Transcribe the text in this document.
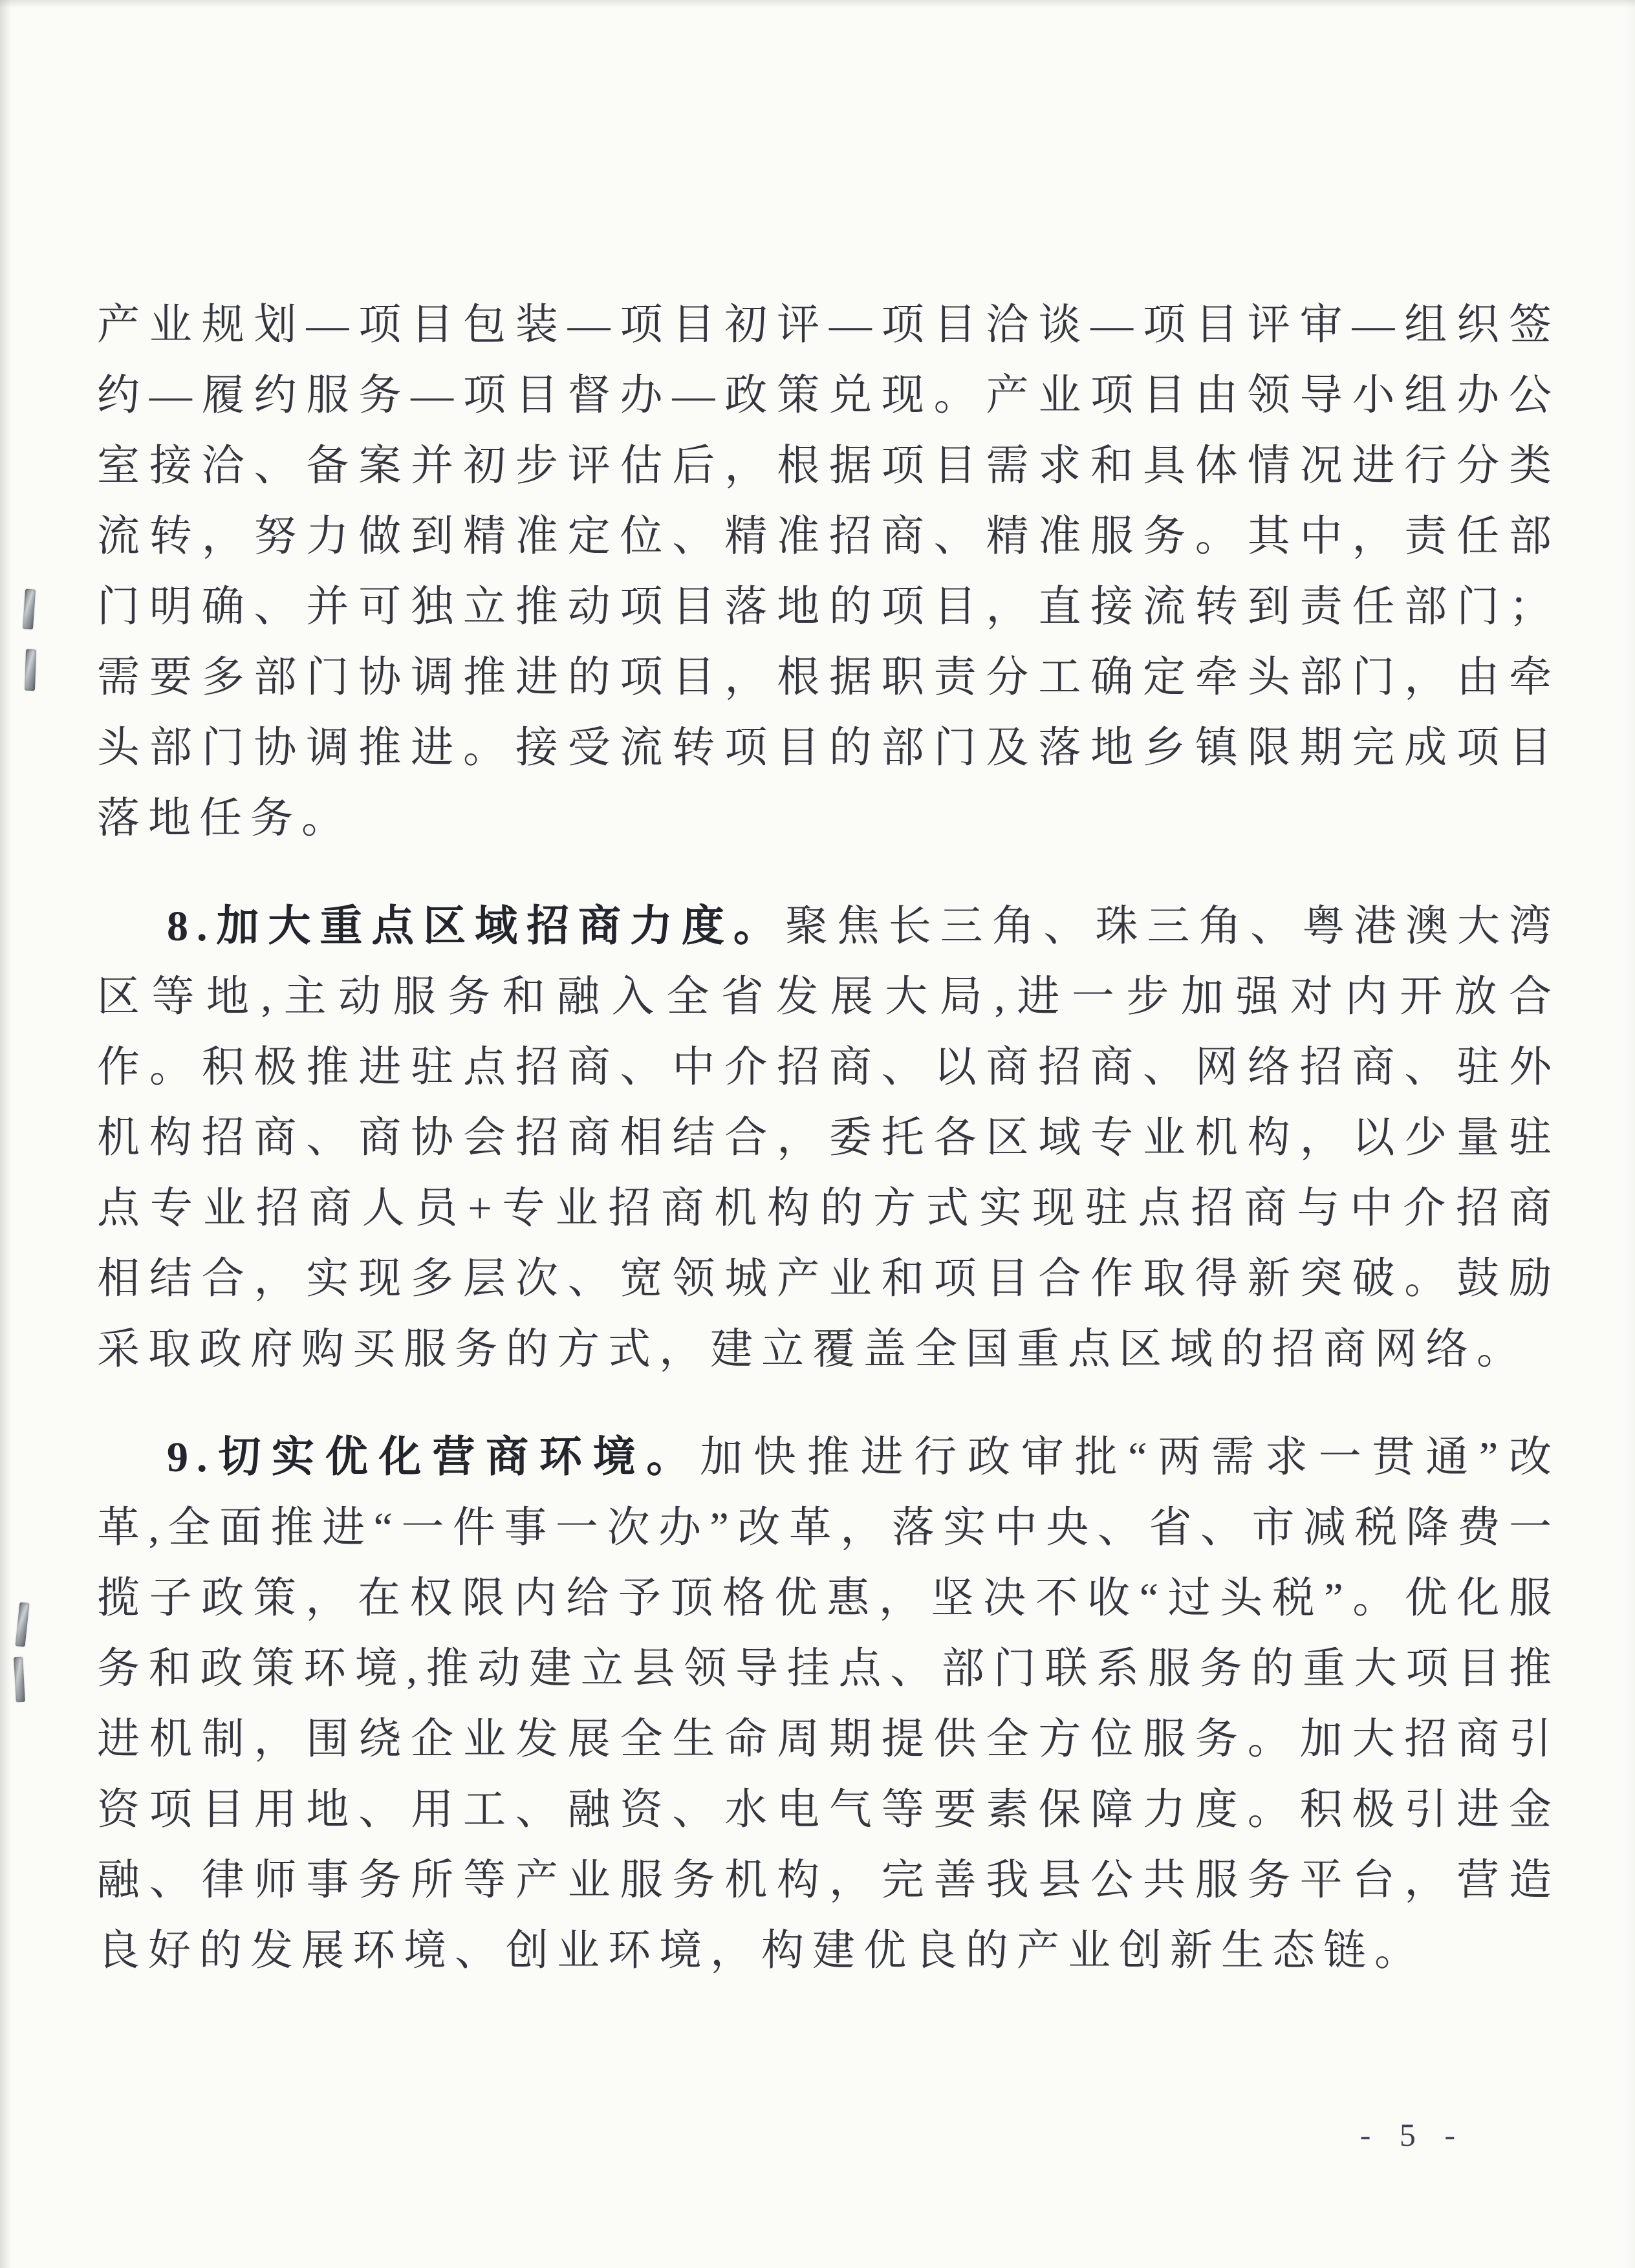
产业规划—项目包装—项目初评—项目洽谈—项目评审—组织签约—履约服务—项目督办—政策兑现。产业项目由领导小组办公室接洽、备案并初步评估后，根据项目需求和具体情况进行分类流转，努力做到精准定位、精准招商、精准服务。其中，责任部门明确、并可独立推动项目落地的项目，直接流转到责任部门；需要多部门协调推进的项目，根据职责分工确定牵头部门，由牵头部门协调推进。接受流转项目的部门及落地乡镇限期完成项目落地任务。

8.加大重点区域招商力度。聚焦长三角、珠三角、粤港澳大湾区等地,主动服务和融入全省发展大局,进一步加强对内开放合作。积极推进驻点招商、中介招商、以商招商、网络招商、驻外机构招商、商协会招商相结合，委托各区域专业机构，以少量驻点专业招商人员+专业招商机构的方式实现驻点招商与中介招商相结合，实现多层次、宽领城产业和项目合作取得新突破。鼓励采取政府购买服务的方式，建立覆盖全国重点区域的招商网络。

9.切实优化营商环境。加快推进行政审批“两需求一贯通”改革,全面推进“一件事一次办”改革，落实中央、省、市减税降费一揽子政策，在权限内给予顶格优惠，坚决不收“过头税”。优化服务和政策环境,推动建立县领导挂点、部门联系服务的重大项目推进机制，围绕企业发展全生命周期提供全方位服务。加大招商引资项目用地、用工、融资、水电气等要素保障力度。积极引进金融、律师事务所等产业服务机构，完善我县公共服务平台，营造良好的发展环境、创业环境，构建优良的产业创新生态链。

- 5 -
